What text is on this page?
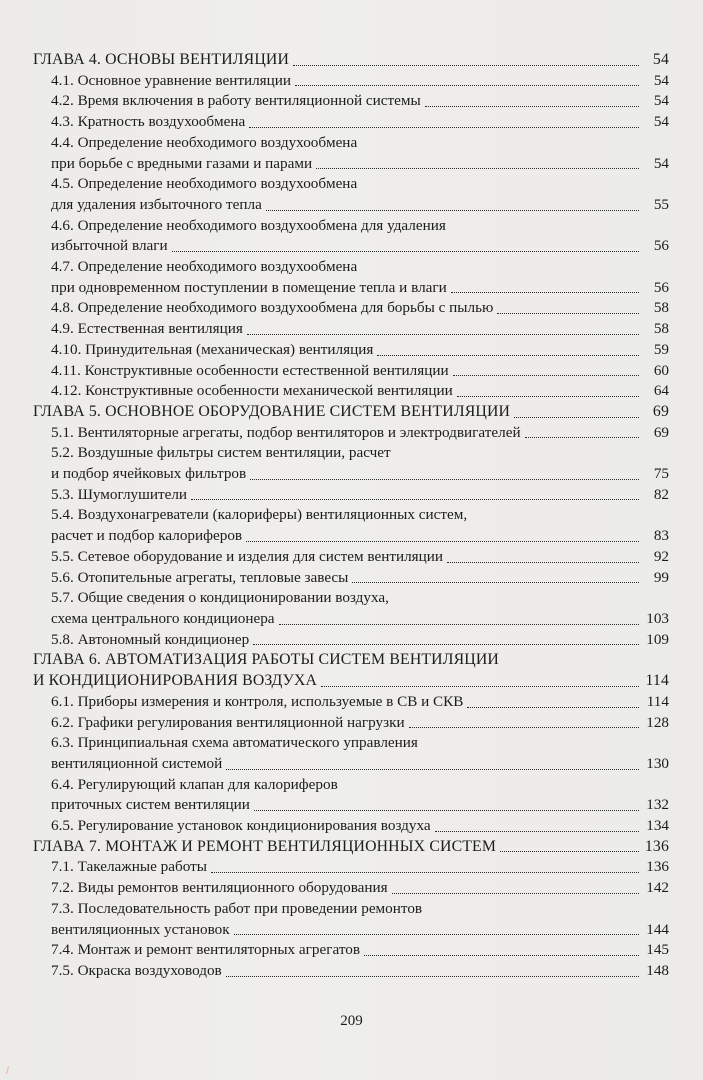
ГЛАВА 4. ОСНОВЫ ВЕНТИЛЯЦИИ	54
4.1. Основное уравнение вентиляции	54
4.2. Время включения в работу вентиляционной системы	54
4.3. Кратность воздухообмена	54
4.4. Определение необходимого воздухообмена
при борьбе с вредными газами и парами	54
4.5. Определение необходимого воздухообмена
для удаления избыточного тепла	55
4.6. Определение необходимого воздухообмена для удаления
избыточной влаги	56
4.7. Определение необходимого воздухообмена
при одновременном поступлении в помещение тепла и влаги	56
4.8. Определение необходимого воздухообмена для борьбы с пылью	58
4.9. Естественная вентиляция	58
4.10. Принудительная (механическая) вентиляция	59
4.11. Конструктивные особенности естественной вентиляции	60
4.12. Конструктивные особенности механической вентиляции	64
ГЛАВА 5. ОСНОВНОЕ ОБОРУДОВАНИЕ СИСТЕМ ВЕНТИЛЯЦИИ	69
5.1. Вентиляторные агрегаты, подбор вентиляторов и электродвигателей	69
5.2. Воздушные фильтры систем вентиляции, расчет
и подбор ячейковых фильтров	75
5.3. Шумоглушители	82
5.4. Воздухонагреватели (калориферы) вентиляционных систем,
расчет и подбор калориферов	83
5.5. Сетевое оборудование и изделия для систем вентиляции	92
5.6. Отопительные агрегаты, тепловые завесы	99
5.7. Общие сведения о кондиционировании воздуха,
схема центрального кондиционера	103
5.8. Автономный кондиционер	109
ГЛАВА 6. АВТОМАТИЗАЦИЯ РАБОТЫ СИСТЕМ ВЕНТИЛЯЦИИ
И КОНДИЦИОНИРОВАНИЯ ВОЗДУХА	114
6.1. Приборы измерения и контроля, используемые в СВ и СКВ	114
6.2. Графики регулирования вентиляционной нагрузки	128
6.3. Принципиальная схема автоматического управления
вентиляционной системой	130
6.4. Регулирующий клапан для калориферов
приточных систем вентиляции	132
6.5. Регулирование установок кондиционирования воздуха	134
ГЛАВА 7. МОНТАЖ И РЕМОНТ ВЕНТИЛЯЦИОННЫХ СИСТЕМ	136
7.1. Такелажные работы	136
7.2. Виды ремонтов вентиляционного оборудования	142
7.3. Последовательность работ при проведении ремонтов
вентиляционных установок	144
7.4. Монтаж и ремонт вентиляторных агрегатов	145
7.5. Окраска воздуховодов	148
209
∕
